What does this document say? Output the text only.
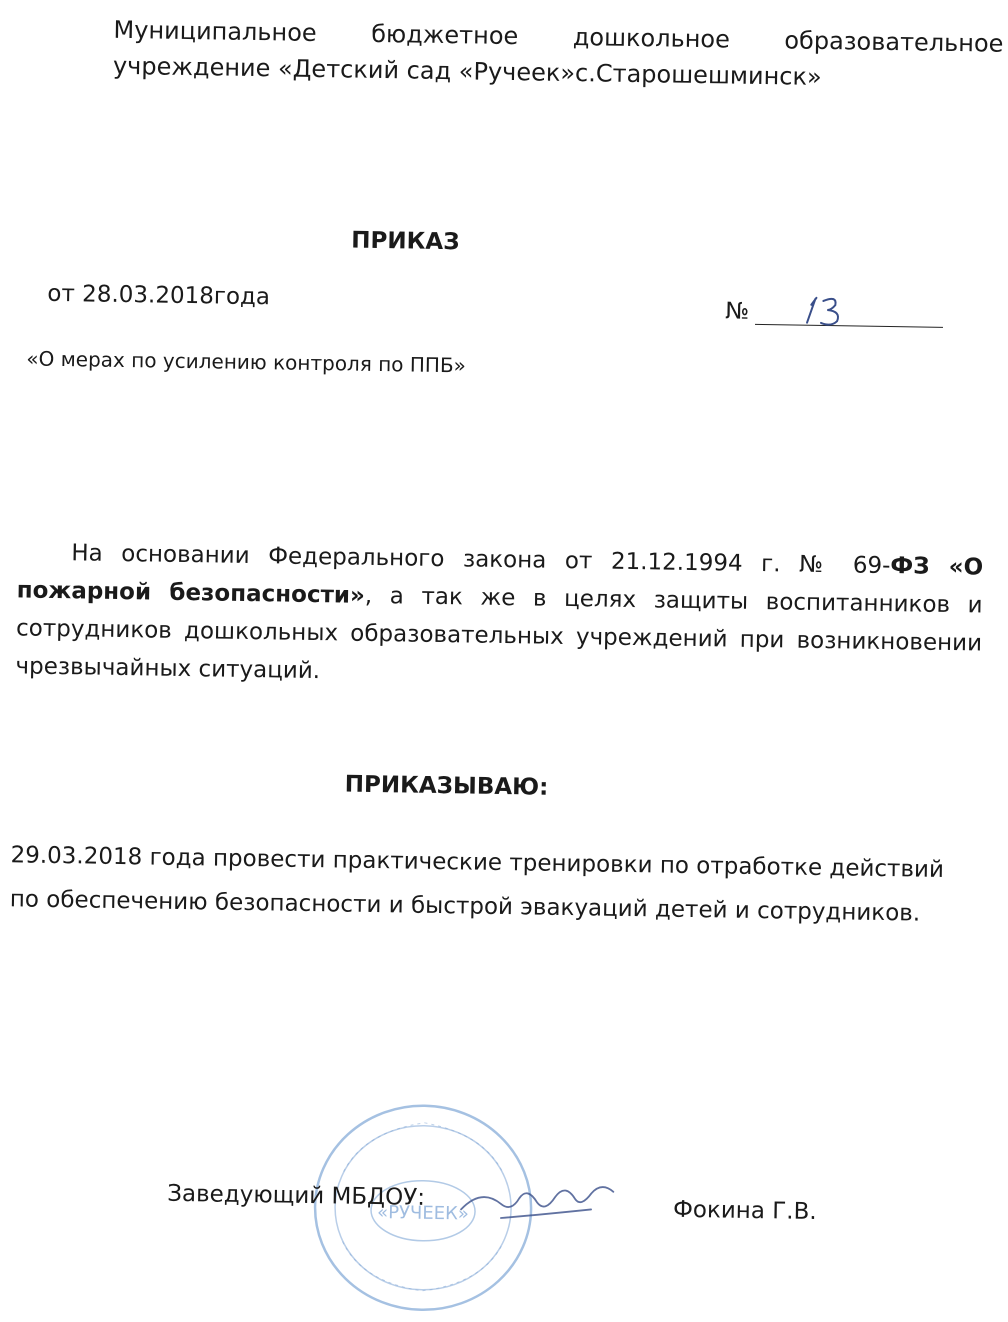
Муниципальное бюджетное дошкольное образовательное
учреждение «Детский сад «Ручеек»с.Старошешминск»
ПРИКАЗ
от 28.03.2018года
№
«О мерах по усилению контроля по ППБ»

На основании Федерального закона от 21.12.1994 г. № 69-ФЗ «О пожарной безопасности», а так же в целях защиты воспитанников и сотрудников дошкольных образовательных учреждений при возникновении чрезвычайных ситуаций.

ПРИКАЗЫВАЮ:

29.03.2018 года провести практические тренировки по отработке действий по обеспечению безопасности и быстрой эвакуаций детей и сотрудников.

«РУЧЕЕК»
Заведующий МБДОУ:
Фокина Г.В.
